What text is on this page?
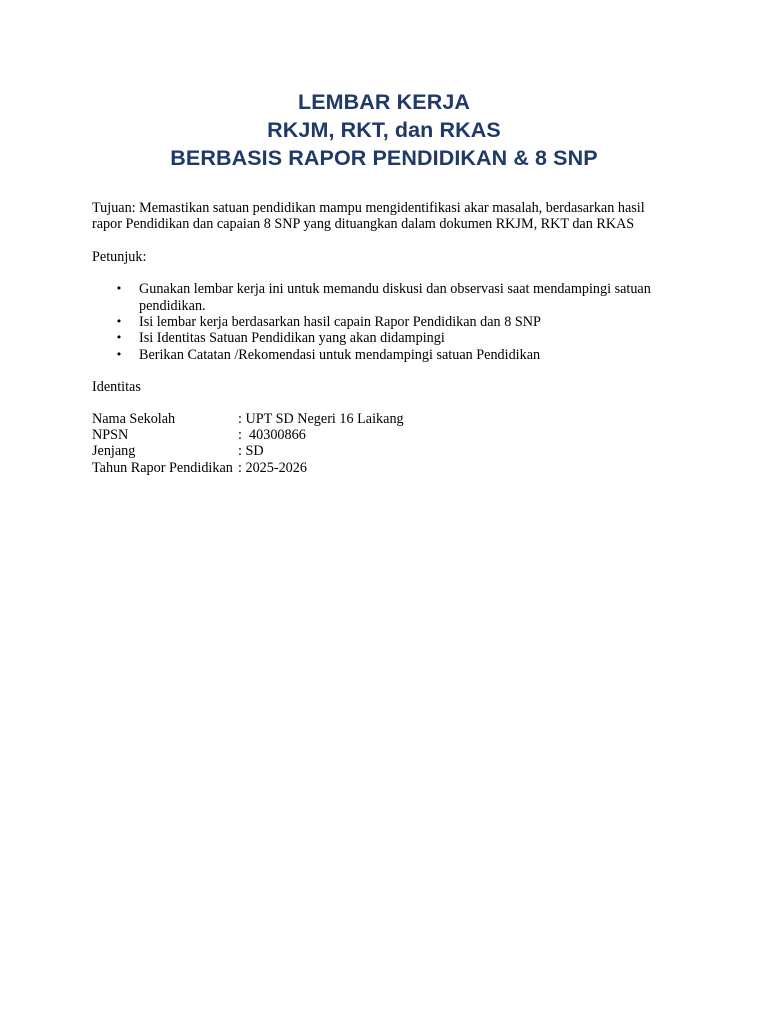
LEMBAR KERJA
RKJM, RKT, dan RKAS
BERBASIS RAPOR PENDIDIKAN & 8 SNP
Tujuan: Memastikan satuan pendidikan mampu mengidentifikasi akar masalah, berdasarkan hasil
rapor Pendidikan dan capaian 8 SNP yang dituangkan dalam dokumen RKJM, RKT dan RKAS
Petunjuk:
• Gunakan lembar kerja ini untuk memandu diskusi dan observasi saat mendampingi satuan
pendidikan.
• Isi lembar kerja berdasarkan hasil capain Rapor Pendidikan dan 8 SNP
• Isi Identitas Satuan Pendidikan yang akan didampingi
• Berikan Catatan /Rekomendasi untuk mendampingi satuan Pendidikan
Identitas
Nama Sekolah	: UPT SD Negeri 16 Laikang
NPSN	:  40300866
Jenjang	: SD
Tahun Rapor Pendidikan : 2025-2026
